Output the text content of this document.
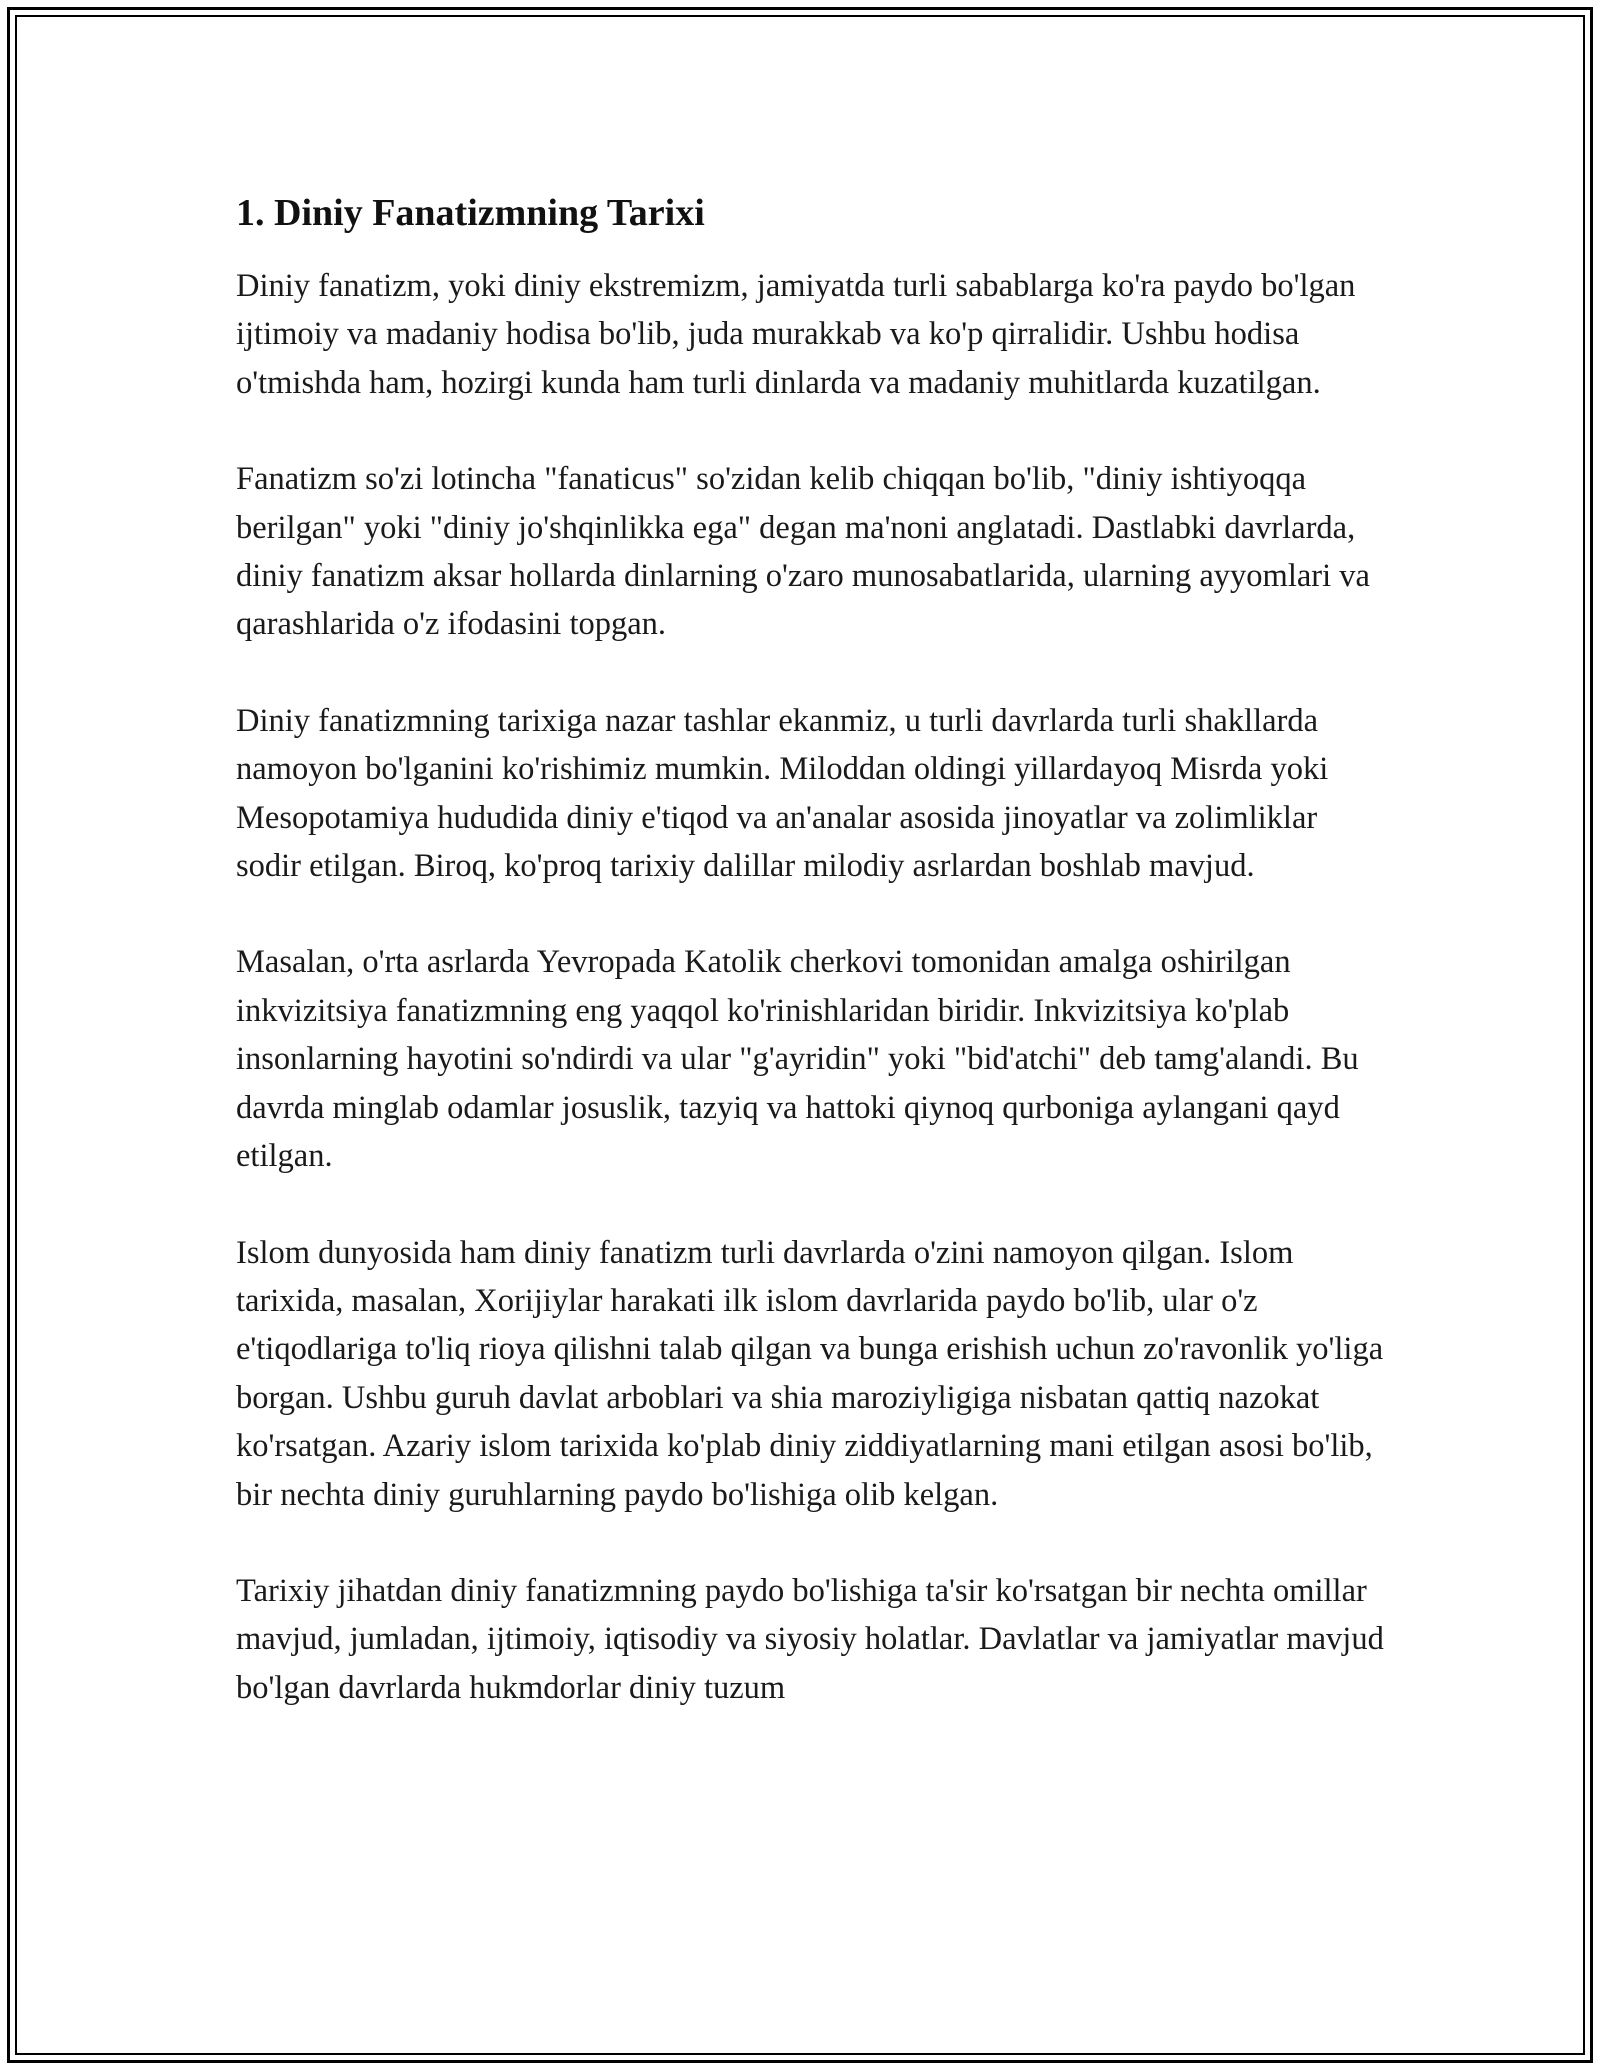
1. Diniy Fanatizmning Tarixi

Diniy fanatizm, yoki diniy ekstremizm, jamiyatda turli sabablarga ko'ra paydo bo'lgan ijtimoiy va madaniy hodisa bo'lib, juda murakkab va ko'p qirralidir. Ushbu hodisa o'tmishda ham, hozirgi kunda ham turli dinlarda va madaniy muhitlarda kuzatilgan.

Fanatizm so'zi lotincha "fanaticus" so'zidan kelib chiqqan bo'lib, "diniy ishtiyoqqa berilgan" yoki "diniy jo'shqinlikka ega" degan ma'noni anglatadi. Dastlabki davrlarda, diniy fanatizm aksar hollarda dinlarning o'zaro munosabatlarida, ularning ayyomlari va qarashlarida o'z ifodasini topgan.

Diniy fanatizmning tarixiga nazar tashlar ekanmiz, u turli davrlarda turli shakllarda namoyon bo'lganini ko'rishimiz mumkin. Miloddan oldingi yillardayoq Misrda yoki Mesopotamiya hududida diniy e'tiqod va an'analar asosida jinoyatlar va zolimliklar sodir etilgan. Biroq, ko'proq tarixiy dalillar milodiy asrlardan boshlab mavjud.

Masalan, o'rta asrlarda Yevropada Katolik cherkovi tomonidan amalga oshirilgan inkvizitsiya fanatizmning eng yaqqol ko'rinishlaridan biridir. Inkvizitsiya ko'plab insonlarning hayotini so'ndirdi va ular "g'ayridin" yoki "bid'atchi" deb tamg'alandi. Bu davrda minglab odamlar josuslik, tazyiq va hattoki qiynoq qurboniga aylangani qayd etilgan.

Islom dunyosida ham diniy fanatizm turli davrlarda o'zini namoyon qilgan. Islom tarixida, masalan, Xorijiylar harakati ilk islom davrlarida paydo bo'lib, ular o'z e'tiqodlariga to'liq rioya qilishni talab qilgan va bunga erishish uchun zo'ravonlik yo'liga borgan. Ushbu guruh davlat arboblari va shia maroziyligiga nisbatan qattiq nazokat ko'rsatgan. Azariy islom tarixida ko'plab diniy ziddiyatlarning mani etilgan asosi bo'lib, bir nechta diniy guruhlarning paydo bo'lishiga olib kelgan.

Tarixiy jihatdan diniy fanatizmning paydo bo'lishiga ta'sir ko'rsatgan bir nechta omillar mavjud, jumladan, ijtimoiy, iqtisodiy va siyosiy holatlar. Davlatlar va jamiyatlar mavjud bo'lgan davrlarda hukmdorlar diniy tuzum
